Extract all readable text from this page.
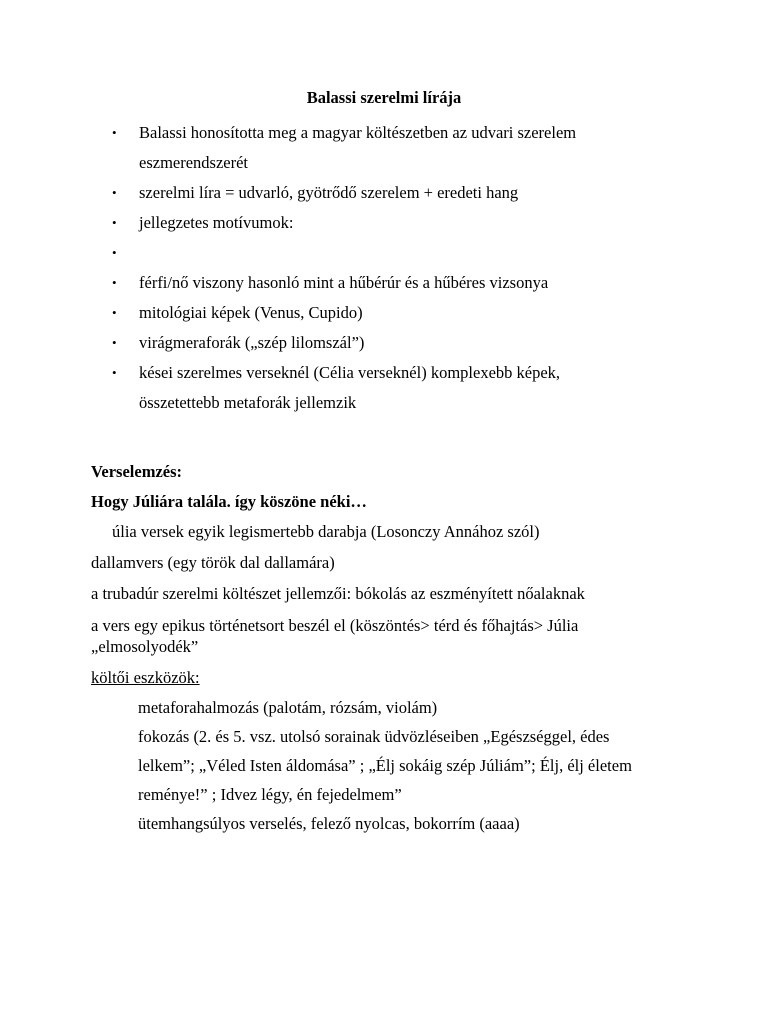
Balassi szerelmi lírája
•	Balassi honosította meg a magyar költészetben az udvari szerelem eszmerendszerét
•	szerelmi líra = udvarló, gyötrődő szerelem + eredeti hang
•	jellegzetes motívumok:
•

•	férfi/nő viszony hasonló mint a hűbérúr és a hűbéres vizsonya
•	mitológiai képek (Venus, Cupido)
•	virágmeraforák („szép lilomszál”)
•	kései szerelmes verseknél (Célia verseknél) komplexebb képek, összetettebb metaforák jellemzik
Verselemzés:
Hogy Júliára talála. így köszöne néki…
úlia versek egyik legismertebb darabja (Losonczy Annához szól)
dallamvers (egy török dal dallamára)
a trubadúr szerelmi költészet jellemzői: bókolás az eszményített nőalaknak
a vers egy epikus történetsort beszél el (köszöntés> térd és főhajtás> Júlia
„elmosolyodék”
költői eszközök:
metaforahalmozás (palotám, rózsám, violám)
fokozás (2. és 5. vsz. utolsó sorainak üdvözléseiben „Egészséggel, édes lelkem”; „Véled Isten áldomása” ; „Élj sokáig szép Júliám”; Élj, élj életem reménye!” ; Idvez légy, én fejedelmem”
ütemhangsúlyos verselés, felező nyolcas, bokorrím (aaaa)
